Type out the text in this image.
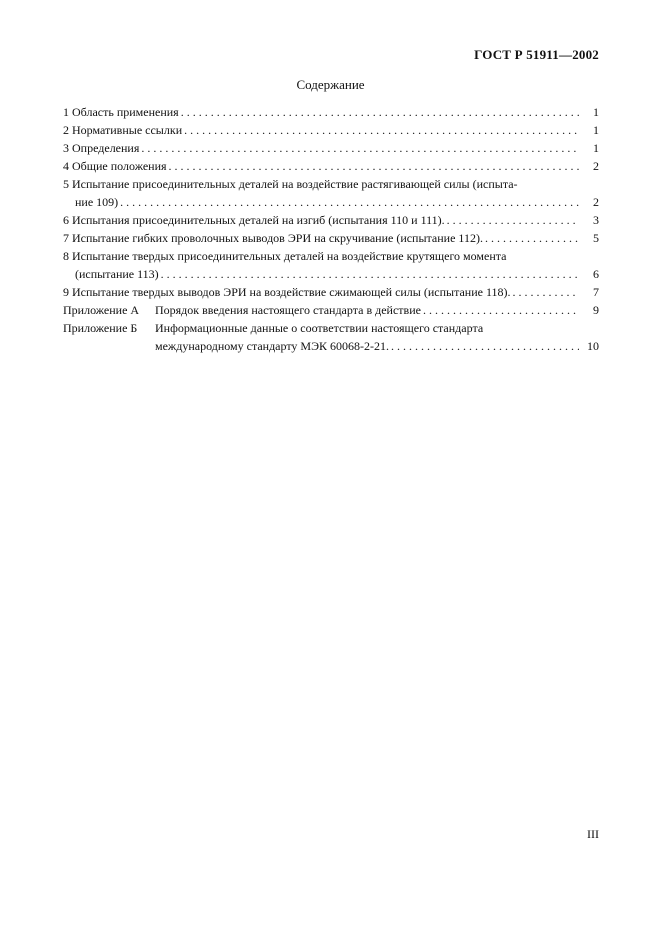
ГОСТ Р 51911—2002
Содержание
1 Область применения . . .	1
2 Нормативные ссылки . . .	1
3 Определения . . .	1
4 Общие положения . . .	2
5 Испытание присоединительных деталей на воздействие растягивающей силы (испыта-
ние 109) . . .	2
6 Испытания присоединительных деталей на изгиб (испытания 110 и 111). . . .	3
7 Испытание гибких проволочных выводов ЭРИ на скручивание (испытание 112). . . .	5
8 Испытание твердых присоединительных деталей на воздействие крутящего момента
(испытание 113) . . .	6
9 Испытание твердых выводов ЭРИ на воздействие сжимающей силы (испытание 118). . . .	7
Приложение А Порядок введения настоящего стандарта в действие . . .	9
Приложение Б Информационные данные о соответствии настоящего стандарта
международному стандарту МЭК 60068-2-21. . . .	10
III
